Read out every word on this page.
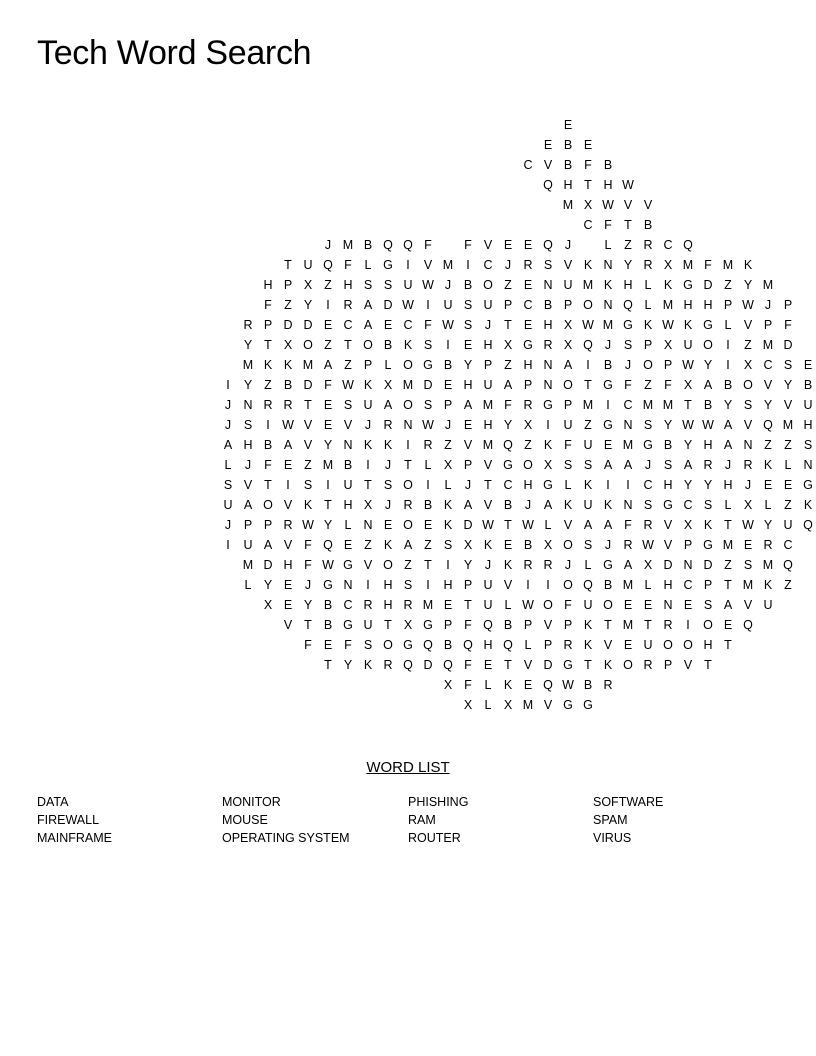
Tech Word Search
E
E B E
C V B F B
Q H T H W
M X W V V
C F T B
J M B Q Q F	F V E E Q J	L	Z R C Q
T U Q F	L G	I	V M	I	C J R S V K N Y R X M F M K
H P X Z H S S U W J	B O Z E N U M K H L K G D Z Y M
F Z Y	I	R A D W I	U S U P C B P O N Q L M H H P W J	P
R P D D E C A E C F W S	J	T E H X W M G K W K G L V P F
Y T X O Z T O B K S	I	E H X G R X Q J	S P X U O	I	Z M D
M K K M A Z P L O G B Y P Z H N A	I	B	J O P W Y	I	X C S E
I	Y Z B D F W K X M D E H U A P N O T G F Z F X A B O V Y B
J N R R T E S U A O S P A M F R G P M	I	C M M T B Y S Y V U
J	S	I W V E V	J R N W J	E H Y X	I	U Z G N S Y W W A V Q M H
A H B A V Y N K K	I	R Z V M Q Z K F U E M G B Y H A N Z Z S
L	J	F E Z M B	I	J	T	L X P V G O X S S A A	J	S A R J R K L N
S V T	I	S	I	U T S O	I	L	J	T C H G L K	I	I	C H Y Y H J	E E G
U A O V K T H X	J R B K A V B	J	A K U K N S G C S L X L	Z K
J	P P R W Y L N E O E K D W T W L V A A F R V X K T W Y U Q
I	U A V F Q E Z K A Z S X K E B X O S	J R W V P G M E R C
M D H F W G V O Z T	I	Y	J	K R R J	L G A X D N D Z S M Q
L Y E	J G N	I	H S	I	H P U V	I	I	O Q B M L H C P T M K Z
X E Y B C R H R M E T U L W O F U O E E N E S A V U
V T B G U T X G P F Q B P V P K T M T R	I	O E Q
F E F S O G Q B Q H Q L P R K V E U O O H T
T Y K R Q D Q F E T V D G T K O R P V T
X F	L K E Q W B R
X L X M V G G
WORD LIST
DATA
FIREWALL
MAINFRAME
MONITOR
MOUSE
OPERATING SYSTEM
PHISHING
RAM
ROUTER
SOFTWARE
SPAM
VIRUS
